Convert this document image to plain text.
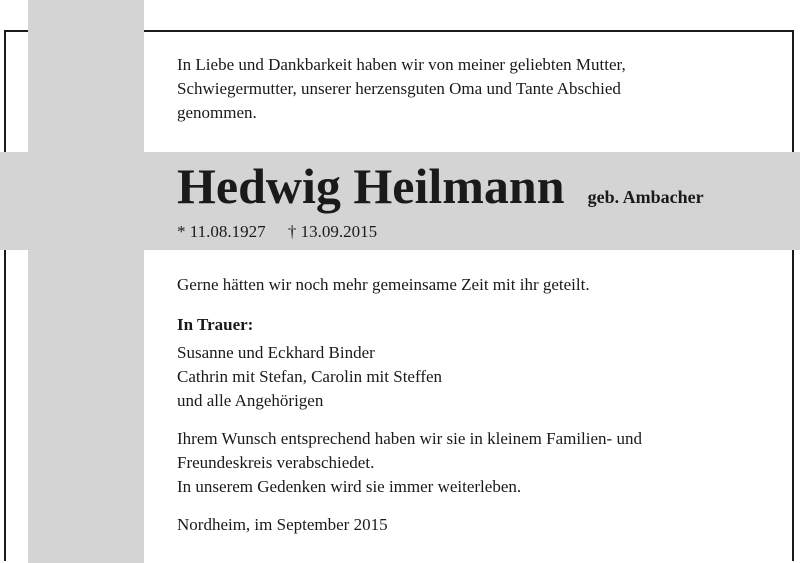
In Liebe und Dankbarkeit haben wir von meiner geliebten Mutter,
Schwiegermutter, unserer herzensguten Oma und Tante Abschied
genommen.
Hedwig Heilmann geb. Ambacher
* 11.08.1927 † 13.09.2015
Gerne hätten wir noch mehr gemeinsame Zeit mit ihr geteilt.
In Trauer:
Susanne und Eckhard Binder
Cathrin mit Stefan, Carolin mit Steffen
und alle Angehörigen
Ihrem Wunsch entsprechend haben wir sie in kleinem Familien- und
Freundeskreis verabschiedet.
In unserem Gedenken wird sie immer weiterleben.
Nordheim, im September 2015
